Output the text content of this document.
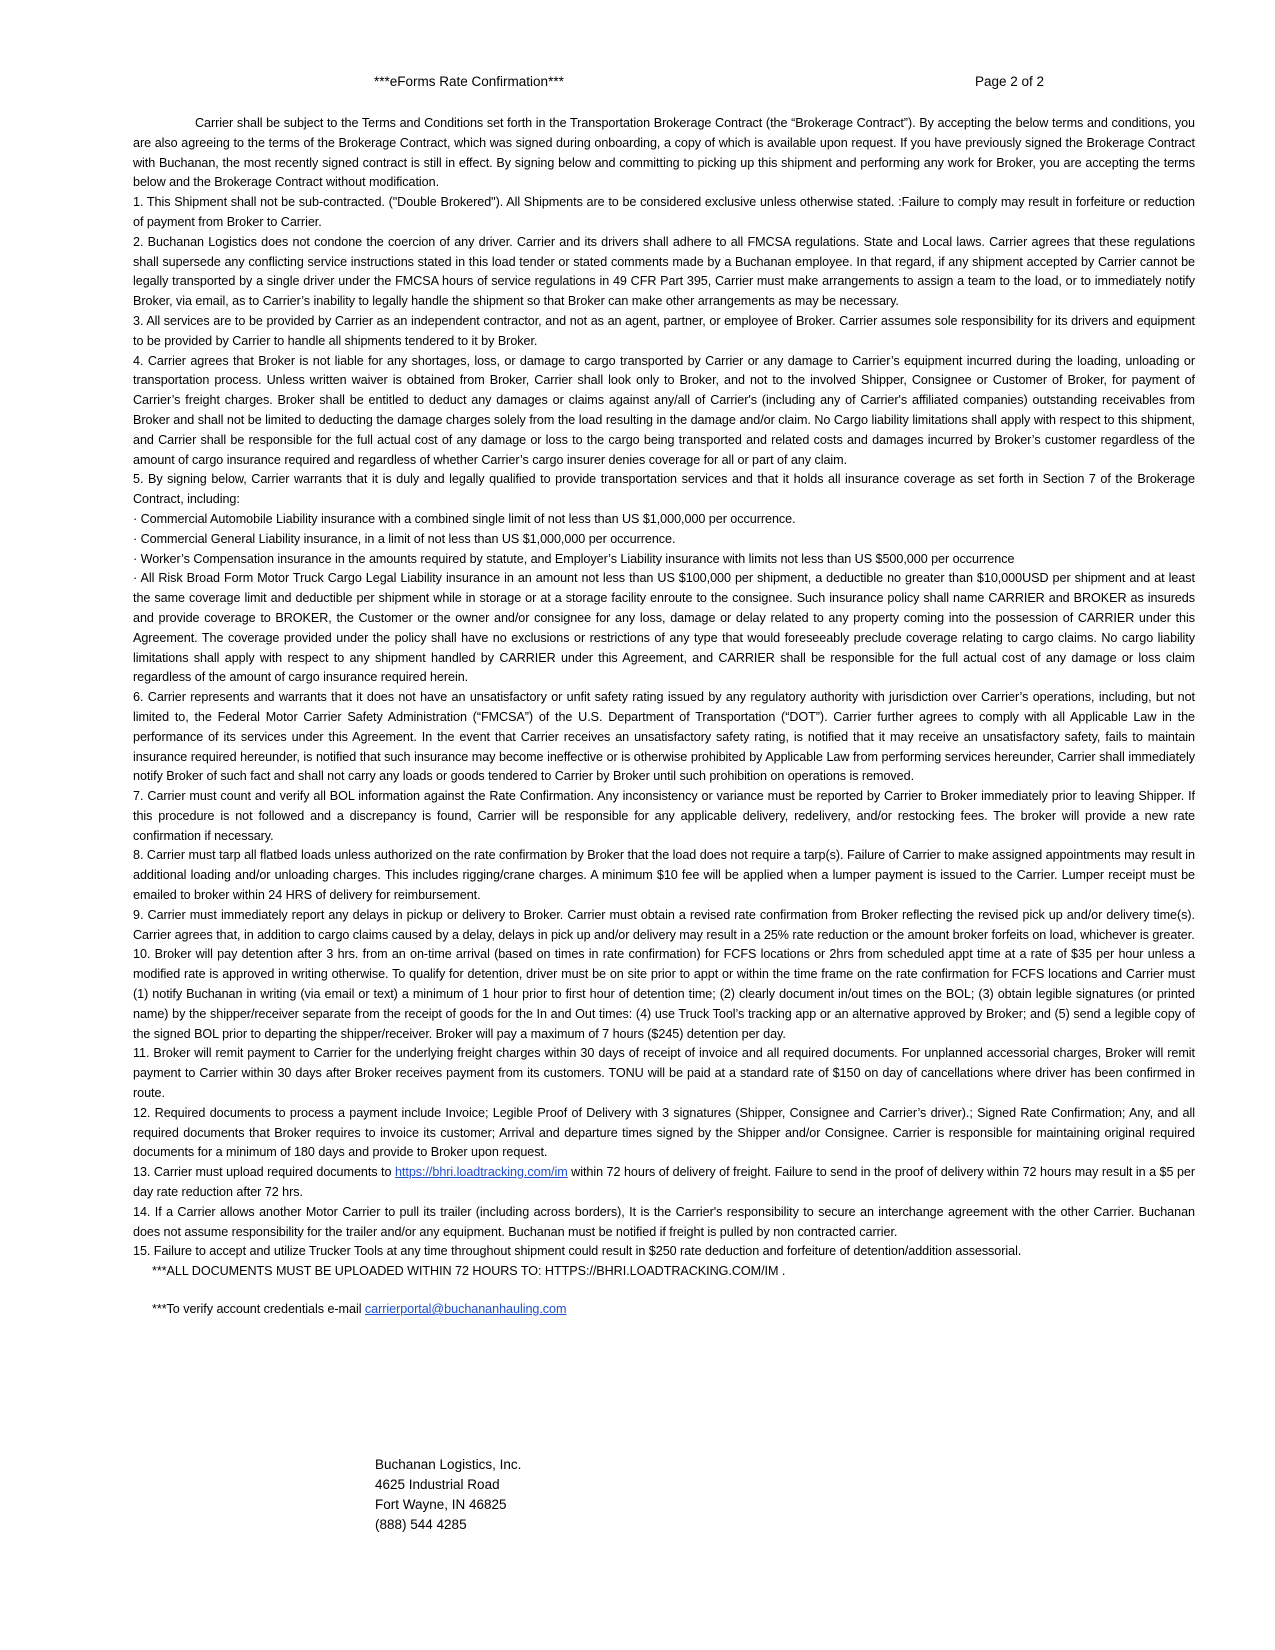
***eForms Rate Confirmation***	Page 2 of 2

Carrier shall be subject to the Terms and Conditions set forth in the Transportation Brokerage Contract (the “Brokerage Contract”). By accepting the below terms and conditions, you are also agreeing to the terms of the Brokerage Contract, which was signed during onboarding, a copy of which is available upon request. If you have previously signed the Brokerage Contract with Buchanan, the most recently signed contract is still in effect. By signing below and committing to picking up this shipment and performing any work for Broker, you are accepting the terms below and the Brokerage Contract without modification.

1. This Shipment shall not be sub-contracted. ("Double Brokered"). All Shipments are to be considered exclusive unless otherwise stated. :Failure to comply may result in forfeiture or reduction of payment from Broker to Carrier.

2. Buchanan Logistics does not condone the coercion of any driver. Carrier and its drivers shall adhere to all FMCSA regulations. State and Local laws. Carrier agrees that these regulations shall supersede any conflicting service instructions stated in this load tender or stated comments made by a Buchanan employee. In that regard, if any shipment accepted by Carrier cannot be legally transported by a single driver under the FMCSA hours of service regulations in 49 CFR Part 395, Carrier must make arrangements to assign a team to the load, or to immediately notify Broker, via email, as to Carrier’s inability to legally handle the shipment so that Broker can make other arrangements as may be necessary.

3. All services are to be provided by Carrier as an independent contractor, and not as an agent, partner, or employee of Broker. Carrier assumes sole responsibility for its drivers and equipment to be provided by Carrier to handle all shipments tendered to it by Broker.

4. Carrier agrees that Broker is not liable for any shortages, loss, or damage to cargo transported by Carrier or any damage to Carrier’s equipment incurred during the loading, unloading or transportation process. Unless written waiver is obtained from Broker, Carrier shall look only to Broker, and not to the involved Shipper, Consignee or Customer of Broker, for payment of Carrier’s freight charges. Broker shall be entitled to deduct any damages or claims against any/all of Carrier's (including any of Carrier's affiliated companies) outstanding receivables from Broker and shall not be limited to deducting the damage charges solely from the load resulting in the damage and/or claim. No Cargo liability limitations shall apply with respect to this shipment, and Carrier shall be responsible for the full actual cost of any damage or loss to the cargo being transported and related costs and damages incurred by Broker’s customer regardless of the amount of cargo insurance required and regardless of whether Carrier’s cargo insurer denies coverage for all or part of any claim.

5. By signing below, Carrier warrants that it is duly and legally qualified to provide transportation services and that it holds all insurance coverage as set forth in Section 7 of the Brokerage Contract, including:

· Commercial Automobile Liability insurance with a combined single limit of not less than US $1,000,000 per occurrence.

· Commercial General Liability insurance, in a limit of not less than US $1,000,000 per occurrence.

· Worker’s Compensation insurance in the amounts required by statute, and Employer’s Liability insurance with limits not less than US $500,000 per occurrence

· All Risk Broad Form Motor Truck Cargo Legal Liability insurance in an amount not less than US $100,000 per shipment, a deductible no greater than $10,000USD per shipment and at least the same coverage limit and deductible per shipment while in storage or at a storage facility enroute to the consignee. Such insurance policy shall name CARRIER and BROKER as insureds and provide coverage to BROKER, the Customer or the owner and/or consignee for any loss, damage or delay related to any property coming into the possession of CARRIER under this Agreement. The coverage provided under the policy shall have no exclusions or restrictions of any type that would foreseeably preclude coverage relating to cargo claims. No cargo liability limitations shall apply with respect to any shipment handled by CARRIER under this Agreement, and CARRIER shall be responsible for the full actual cost of any damage or loss claim regardless of the amount of cargo insurance required herein.

6. Carrier represents and warrants that it does not have an unsatisfactory or unfit safety rating issued by any regulatory authority with jurisdiction over Carrier’s operations, including, but not limited to, the Federal Motor Carrier Safety Administration (“FMCSA”) of the U.S. Department of Transportation (“DOT”). Carrier further agrees to comply with all Applicable Law in the performance of its services under this Agreement. In the event that Carrier receives an unsatisfactory safety rating, is notified that it may receive an unsatisfactory safety, fails to maintain insurance required hereunder, is notified that such insurance may become ineffective or is otherwise prohibited by Applicable Law from performing services hereunder, Carrier shall immediately notify Broker of such fact and shall not carry any loads or goods tendered to Carrier by Broker until such prohibition on operations is removed.

7. Carrier must count and verify all BOL information against the Rate Confirmation. Any inconsistency or variance must be reported by Carrier to Broker immediately prior to leaving Shipper. If this procedure is not followed and a discrepancy is found, Carrier will be responsible for any applicable delivery, redelivery, and/or restocking fees. The broker will provide a new rate confirmation if necessary.

8. Carrier must tarp all flatbed loads unless authorized on the rate confirmation by Broker that the load does not require a tarp(s). Failure of Carrier to make assigned appointments may result in additional loading and/or unloading charges. This includes rigging/crane charges. A minimum $10 fee will be applied when a lumper payment is issued to the Carrier. Lumper receipt must be emailed to broker within 24 HRS of delivery for reimbursement.

9. Carrier must immediately report any delays in pickup or delivery to Broker. Carrier must obtain a revised rate confirmation from Broker reflecting the revised pick up and/or delivery time(s). Carrier agrees that, in addition to cargo claims caused by a delay, delays in pick up and/or delivery may result in a 25% rate reduction or the amount broker forfeits on load, whichever is greater.

10. Broker will pay detention after 3 hrs. from an on-time arrival (based on times in rate confirmation) for FCFS locations or 2hrs from scheduled appt time at a rate of $35 per hour unless a modified rate is approved in writing otherwise. To qualify for detention, driver must be on site prior to appt or within the time frame on the rate confirmation for FCFS locations and Carrier must (1) notify Buchanan in writing (via email or text) a minimum of 1 hour prior to first hour of detention time; (2) clearly document in/out times on the BOL; (3) obtain legible signatures (or printed name) by the shipper/receiver separate from the receipt of goods for the In and Out times: (4) use Truck Tool’s tracking app or an alternative approved by Broker; and (5) send a legible copy of the signed BOL prior to departing the shipper/receiver. Broker will pay a maximum of 7 hours ($245) detention per day.

11. Broker will remit payment to Carrier for the underlying freight charges within 30 days of receipt of invoice and all required documents. For unplanned accessorial charges, Broker will remit payment to Carrier within 30 days after Broker receives payment from its customers. TONU will be paid at a standard rate of $150 on day of cancellations where driver has been confirmed in route.

12. Required documents to process a payment include Invoice; Legible Proof of Delivery with 3 signatures (Shipper, Consignee and Carrier’s driver).; Signed Rate Confirmation; Any, and all required documents that Broker requires to invoice its customer; Arrival and departure times signed by the Shipper and/or Consignee. Carrier is responsible for maintaining original required documents for a minimum of 180 days and provide to Broker upon request.

13. Carrier must upload required documents to https://bhri.loadtracking.com/im within 72 hours of delivery of freight. Failure to send in the proof of delivery within 72 hours may result in a $5 per day rate reduction after 72 hrs.

14. If a Carrier allows another Motor Carrier to pull its trailer (including across borders), It is the Carrier's responsibility to secure an interchange agreement with the other Carrier. Buchanan does not assume responsibility for the trailer and/or any equipment. Buchanan must be notified if freight is pulled by non contracted carrier.

15. Failure to accept and utilize Trucker Tools at any time throughout shipment could result in $250 rate deduction and forfeiture of detention/addition assessorial.

***ALL DOCUMENTS MUST BE UPLOADED WITHIN 72 HOURS TO: HTTPS://BHRI.LOADTRACKING.COM/IM .

***To verify account credentials e-mail carrierportal@buchananhauling.com

Buchanan Logistics, Inc.
4625 Industrial Road
Fort Wayne, IN 46825
(888) 544 4285
